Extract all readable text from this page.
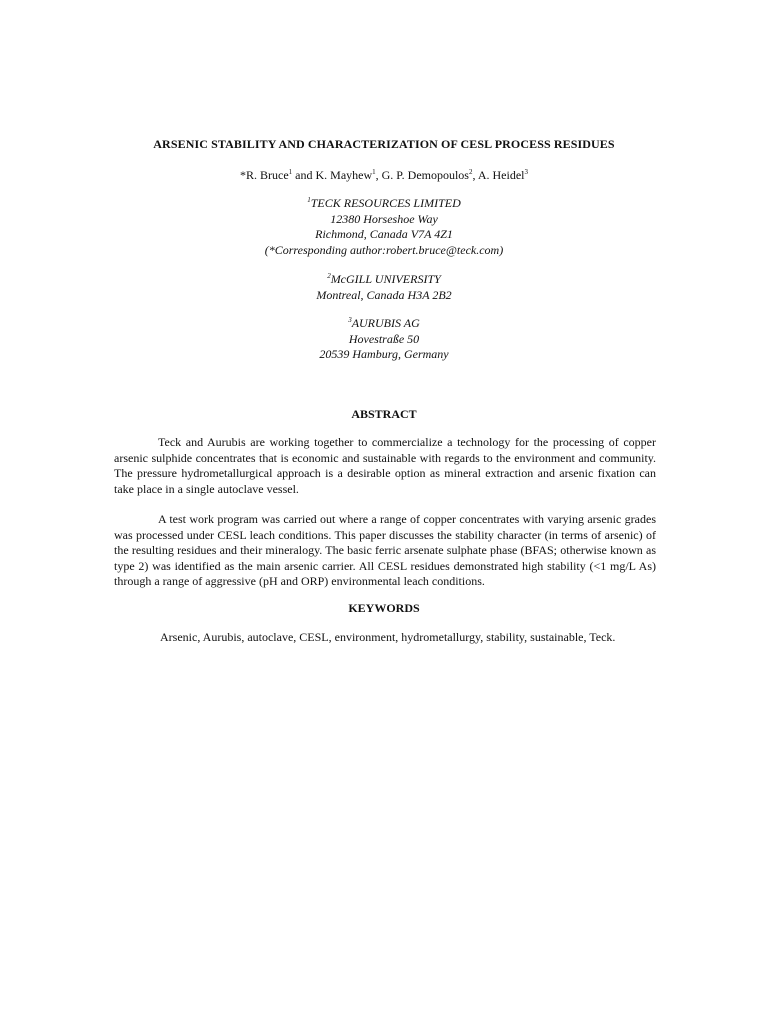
ARSENIC STABILITY AND CHARACTERIZATION OF CESL PROCESS RESIDUES
*R. Bruce$^1$ and K. Mayhew$^1$, G. P. Demopoulos$^2$, A. Heidel$^3$
$^1$TECK RESOURCES LIMITED
12380 Horseshoe Way
Richmond, Canada V7A 4Z1
(*Corresponding author:robert.bruce@teck.com)
$^2$McGILL UNIVERSITY
Montreal, Canada H3A 2B2
$^3$AURUBIS AG
Hovestraße 50
20539 Hamburg, Germany
ABSTRACT

Teck and Aurubis are working together to commercialize a technology for the processing of copper arsenic sulphide concentrates that is economic and sustainable with regards to the environment and community. The pressure hydrometallurgical approach is a desirable option as mineral extraction and arsenic fixation can take place in a single autoclave vessel.

A test work program was carried out where a range of copper concentrates with varying arsenic grades was processed under CESL leach conditions. This paper discusses the stability character (in terms of arsenic) of the resulting residues and their mineralogy. The basic ferric arsenate sulphate phase (BFAS; otherwise known as type 2) was identified as the main arsenic carrier. All CESL residues demonstrated high stability (<1 mg/L As) through a range of aggressive (pH and ORP) environmental leach conditions.

KEYWORDS
Arsenic, Aurubis, autoclave, CESL, environment, hydrometallurgy, stability, sustainable, Teck.
